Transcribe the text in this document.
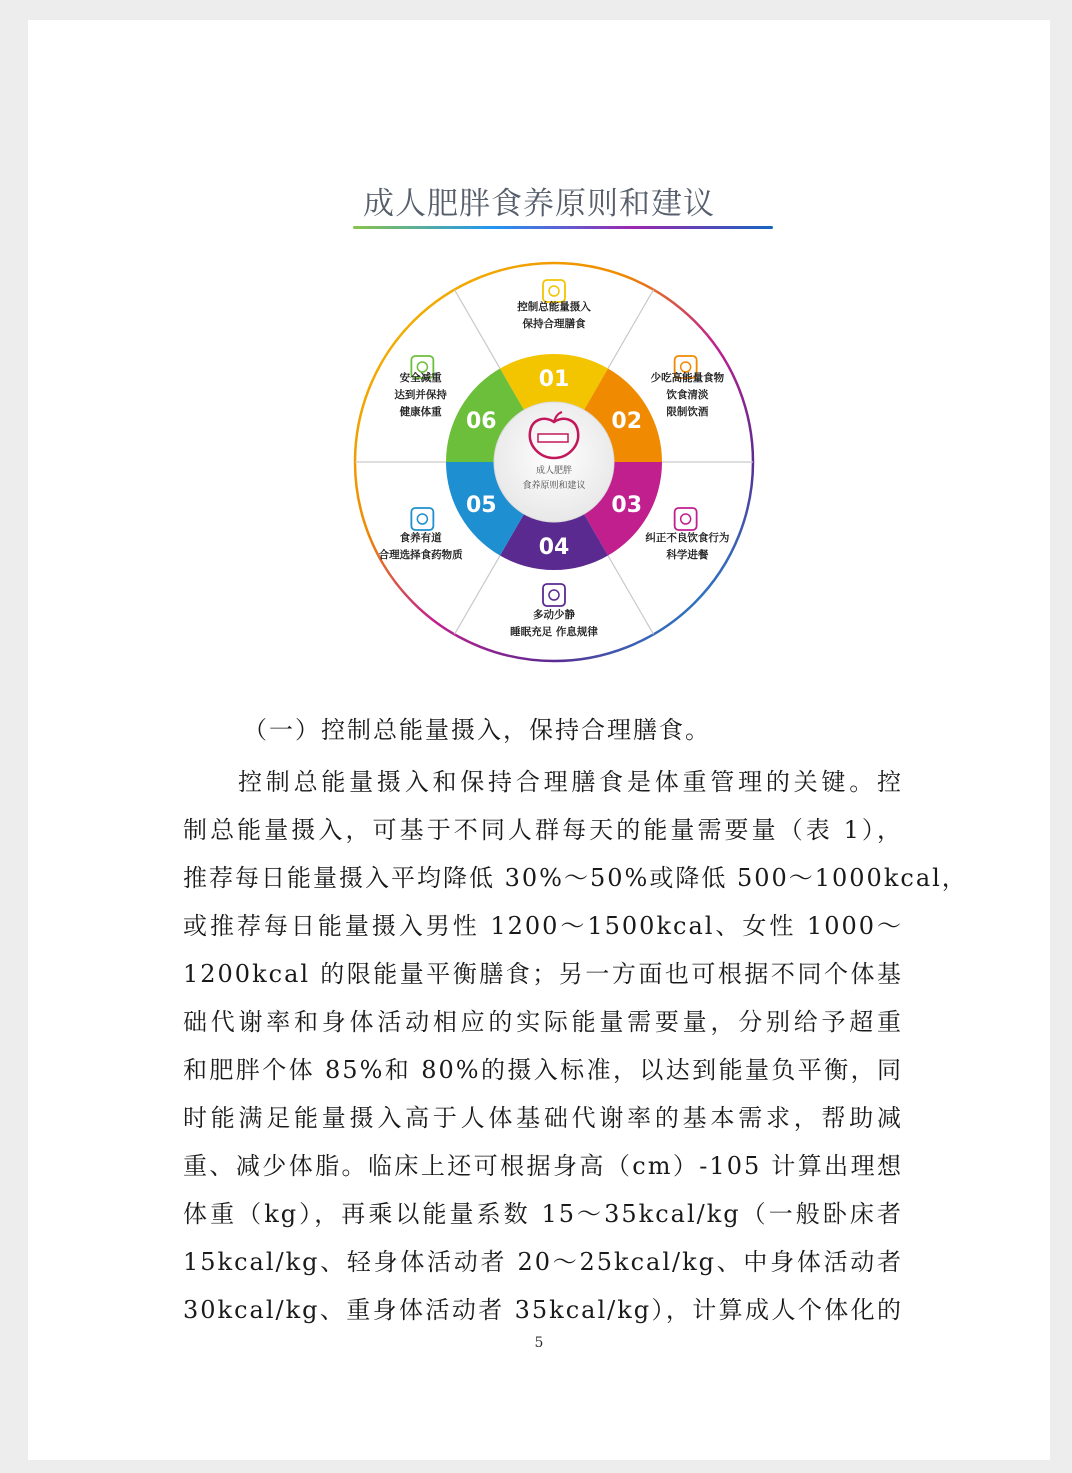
成人肥胖食养原则和建议
成人肥胖
食养原则和建议
01
控制总能量摄入
保持合理膳食
02
少吃高能量食物
饮食清淡
限制饮酒
03
纠正不良饮食行为
科学进餐
04
多动少静
睡眠充足 作息规律
05
食养有道
合理选择食药物质
06
安全减重
达到并保持
健康体重
（一）控制总能量摄入，保持合理膳食。
控制总能量摄入和保持合理膳食是体重管理的关键。控
制总能量摄入，可基于不同人群每天的能量需要量（表 1），
推荐每日能量摄入平均降低 30%～50%或降低 500～1000kcal，
或推荐每日能量摄入男性 1200～1500kcal、女性 1000～
1200kcal 的限能量平衡膳食；另一方面也可根据不同个体基
础代谢率和身体活动相应的实际能量需要量，分别给予超重
和肥胖个体 85%和 80%的摄入标准，以达到能量负平衡，同
时能满足能量摄入高于人体基础代谢率的基本需求，帮助减
重、减少体脂。临床上还可根据身高（cm）-105 计算出理想
体重（kg），再乘以能量系数 15～35kcal/kg（一般卧床者
15kcal/kg、轻身体活动者 20～25kcal/kg、中身体活动者
30kcal/kg、重身体活动者 35kcal/kg），计算成人个体化的
5
